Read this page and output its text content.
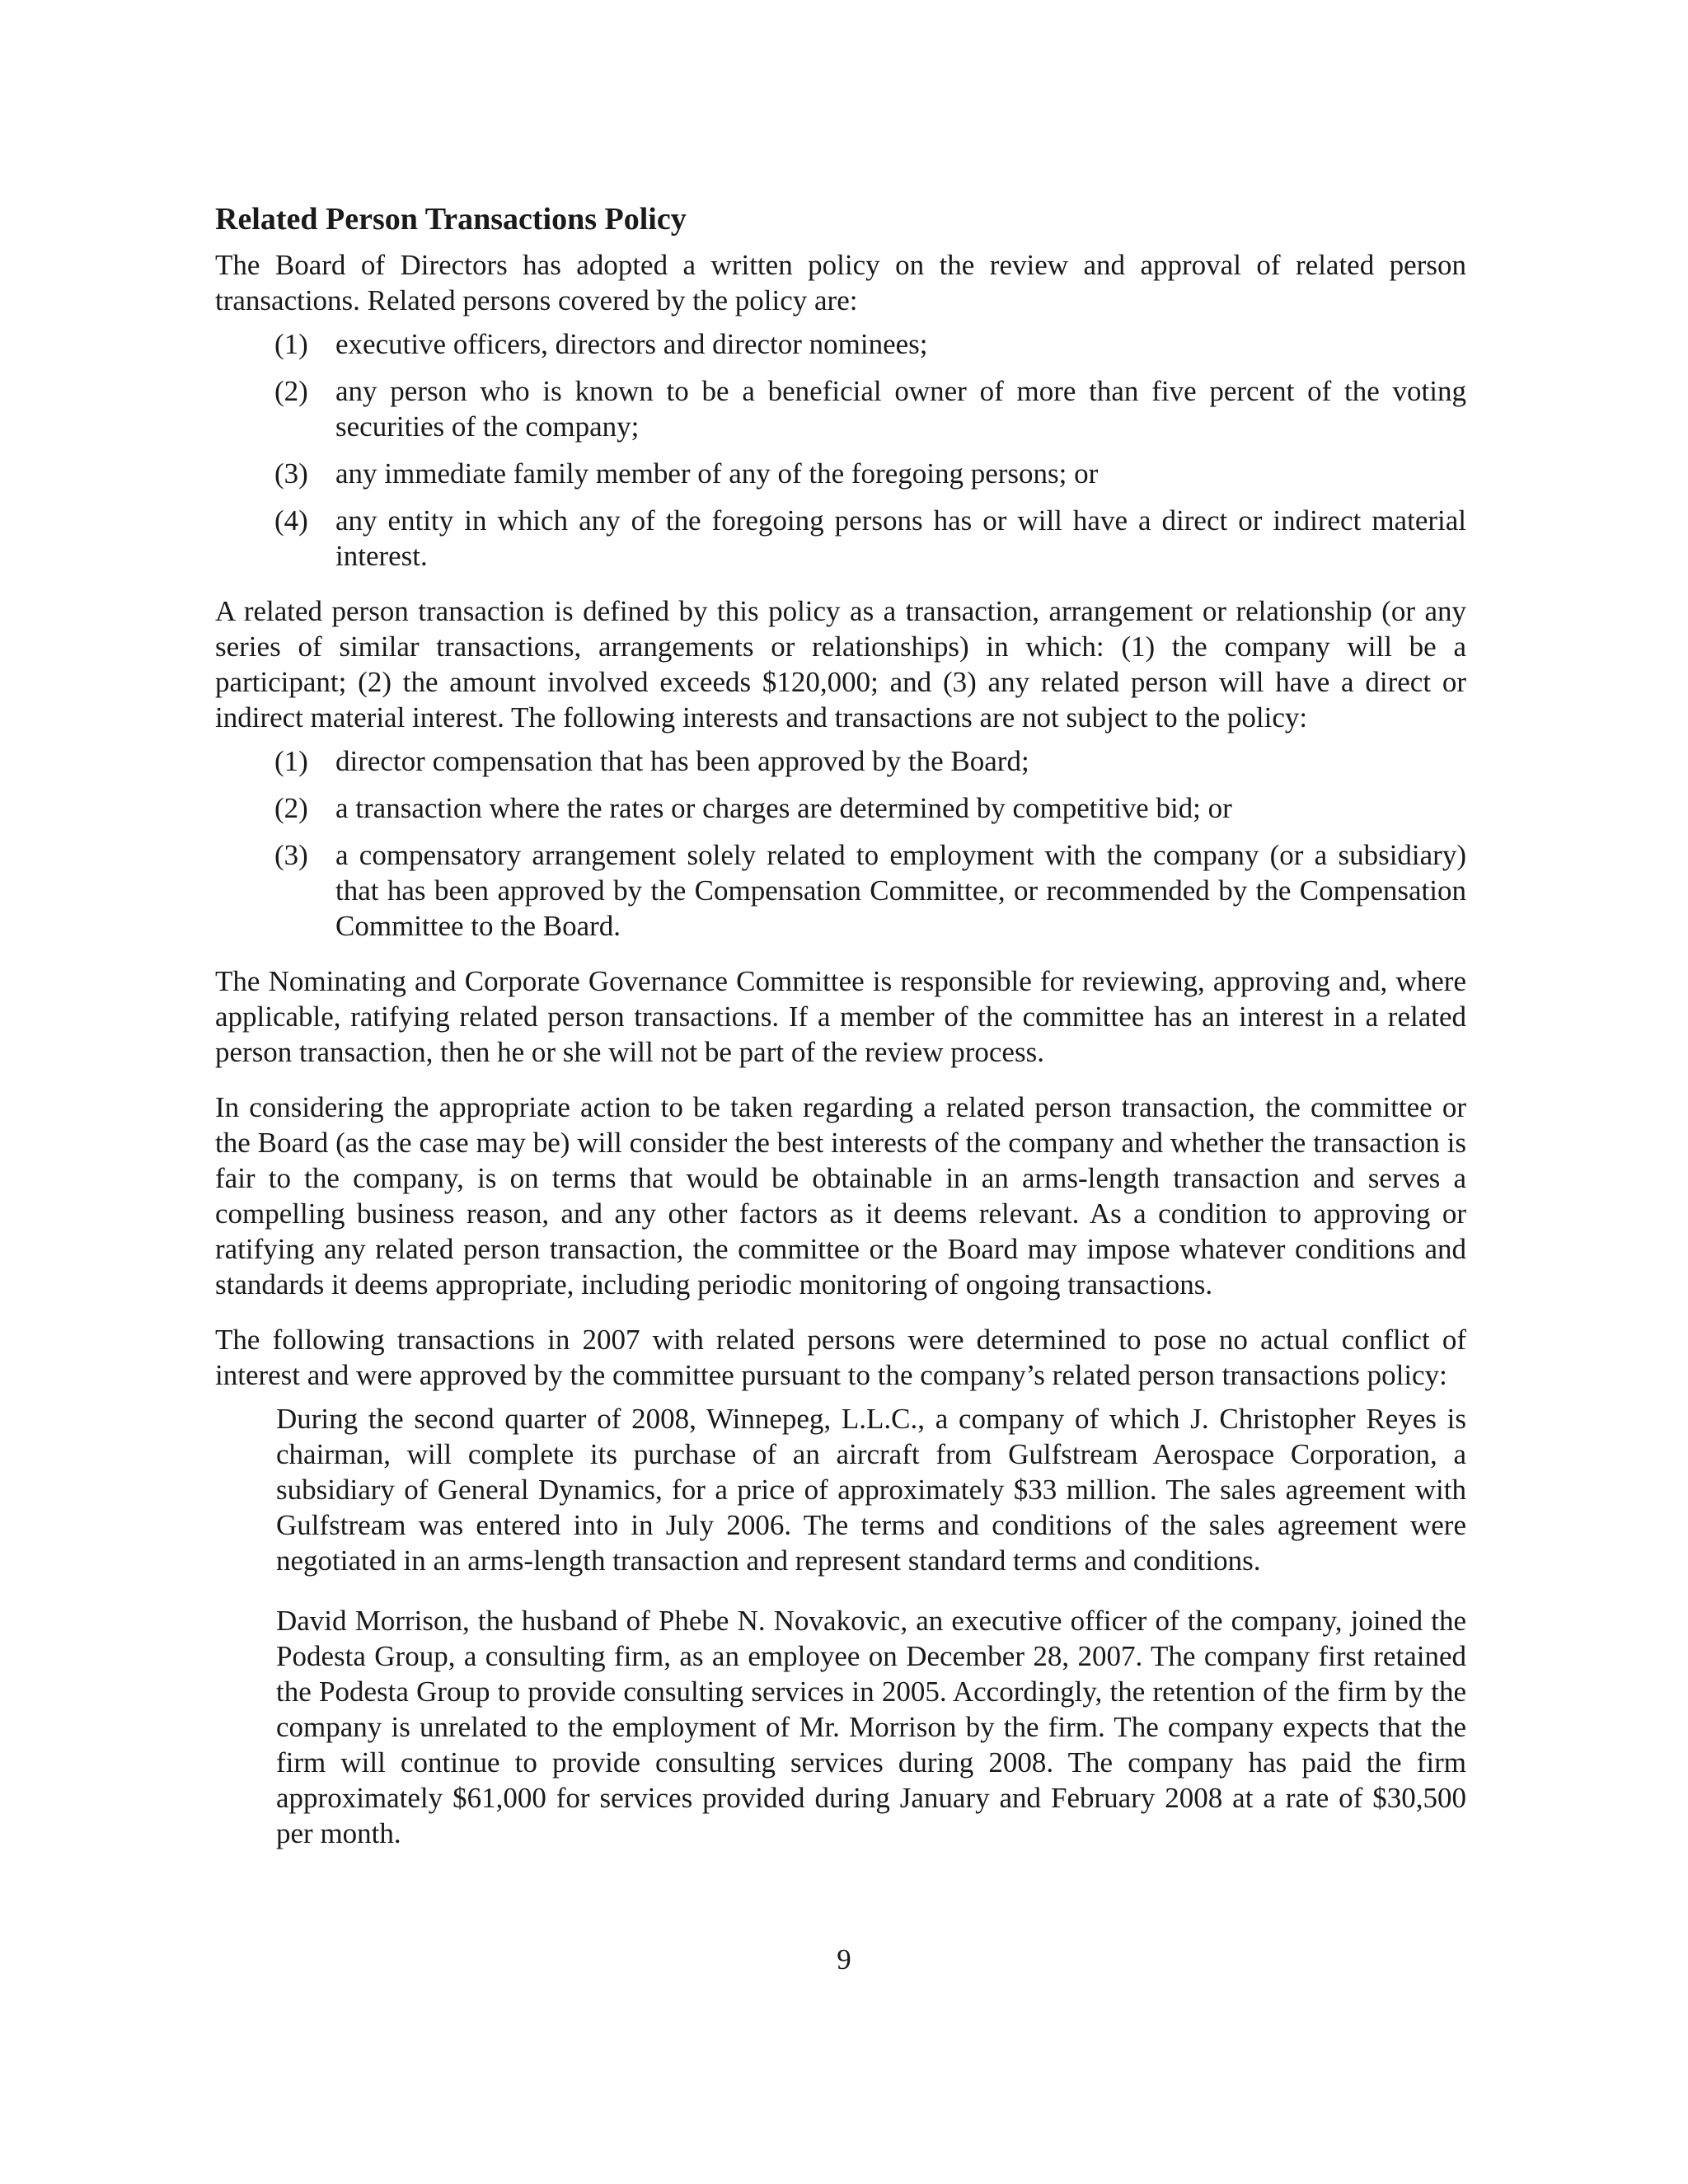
Related Person Transactions Policy

The Board of Directors has adopted a written policy on the review and approval of related person transactions. Related persons covered by the policy are:

(1) executive officers, directors and director nominees;
(2) any person who is known to be a beneficial owner of more than five percent of the voting securities of the company;
(3) any immediate family member of any of the foregoing persons; or
(4) any entity in which any of the foregoing persons has or will have a direct or indirect material interest.

A related person transaction is defined by this policy as a transaction, arrangement or relationship (or any series of similar transactions, arrangements or relationships) in which: (1) the company will be a participant; (2) the amount involved exceeds $120,000; and (3) any related person will have a direct or indirect material interest. The following interests and transactions are not subject to the policy:

(1) director compensation that has been approved by the Board;
(2) a transaction where the rates or charges are determined by competitive bid; or
(3) a compensatory arrangement solely related to employment with the company (or a subsidiary) that has been approved by the Compensation Committee, or recommended by the Compensation Committee to the Board.

The Nominating and Corporate Governance Committee is responsible for reviewing, approving and, where applicable, ratifying related person transactions. If a member of the committee has an interest in a related person transaction, then he or she will not be part of the review process.

In considering the appropriate action to be taken regarding a related person transaction, the committee or the Board (as the case may be) will consider the best interests of the company and whether the transaction is fair to the company, is on terms that would be obtainable in an arms-length transaction and serves a compelling business reason, and any other factors as it deems relevant. As a condition to approving or ratifying any related person transaction, the committee or the Board may impose whatever conditions and standards it deems appropriate, including periodic monitoring of ongoing transactions.

The following transactions in 2007 with related persons were determined to pose no actual conflict of interest and were approved by the committee pursuant to the company’s related person transactions policy:

During the second quarter of 2008, Winnepeg, L.L.C., a company of which J. Christopher Reyes is chairman, will complete its purchase of an aircraft from Gulfstream Aerospace Corporation, a subsidiary of General Dynamics, for a price of approximately $33 million. The sales agreement with Gulfstream was entered into in July 2006. The terms and conditions of the sales agreement were negotiated in an arms-length transaction and represent standard terms and conditions.

David Morrison, the husband of Phebe N. Novakovic, an executive officer of the company, joined the Podesta Group, a consulting firm, as an employee on December 28, 2007. The company first retained the Podesta Group to provide consulting services in 2005. Accordingly, the retention of the firm by the company is unrelated to the employment of Mr. Morrison by the firm. The company expects that the firm will continue to provide consulting services during 2008. The company has paid the firm approximately $61,000 for services provided during January and February 2008 at a rate of $30,500 per month.

9
